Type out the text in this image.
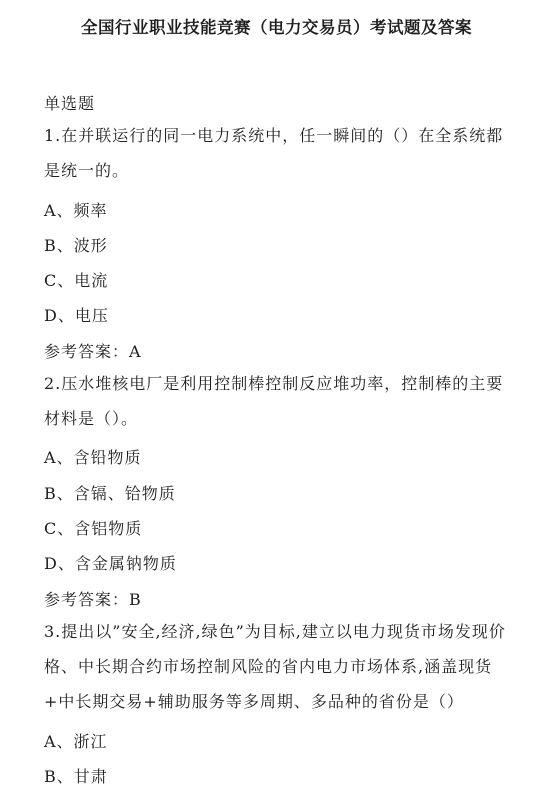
全国行业职业技能竞赛（电力交易员）考试题及答案
单选题
1.在并联运行的同一电力系统中，任一瞬间的（）在全系统都是统一的。
A、频率
B、波形
C、电流
D、电压
参考答案：A
2.压水堆核电厂是利用控制棒控制反应堆功率，控制棒的主要材料是（）。
A、含铅物质
B、含镉、铪物质
C、含铝物质
D、含金属钠物质
参考答案：B
3.提出以”安全,经济,绿色”为目标,建立以电力现货市场发现价格、中长期合约市场控制风险的省内电力市场体系,涵盖现货+中长期交易+辅助服务等多周期、多品种的省份是（）
A、浙江
B、甘肃
